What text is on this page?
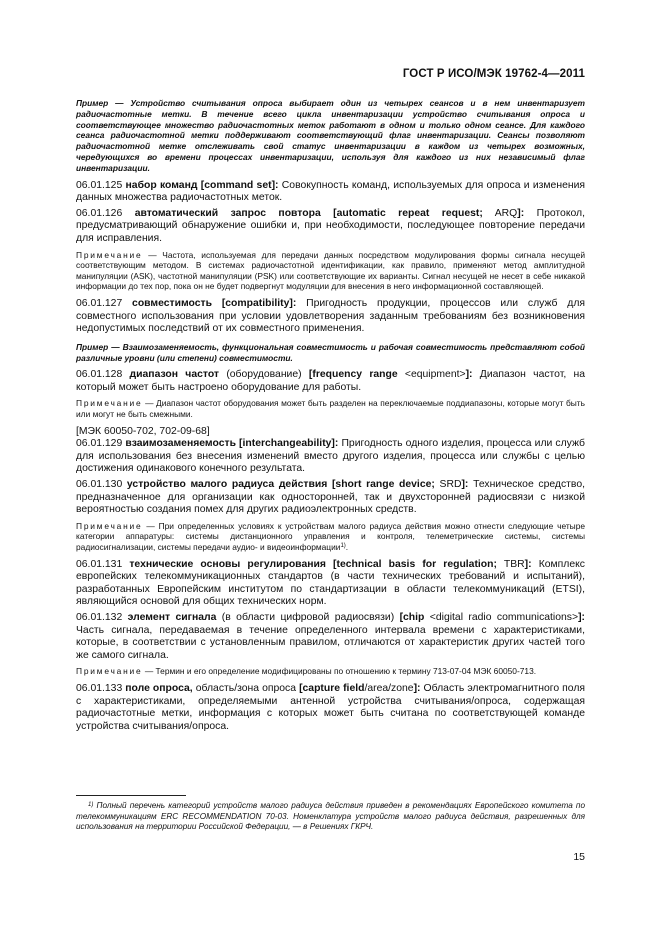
ГОСТ Р ИСО/МЭК 19762-4—2011

Пример — Устройство считывания опроса выбирает один из четырех сеансов и в нем инвентаризует радиочастотные метки. В течение всего цикла инвентаризации устройство считывания опроса и соответствующее множество радиочастотных меток работают в одном и только одном сеансе. Для каждого сеанса радиочастотной метки поддерживают соответствующий флаг инвентаризации. Сеансы позволяют радиочастотной метке отслеживать свой статус инвентаризации в каждом из четырех возможных, чередующихся во времени процессах инвентаризации, используя для каждого из них независимый флаг инвентаризации.

06.01.125 набор команд [command set]: Совокупность команд, используемых для опроса и изменения данных множества радиочастотных меток.

06.01.126 автоматический запрос повтора [automatic repeat request; ARQ]: Протокол, предусматривающий обнаружение ошибки и, при необходимости, последующее повторение передачи для исправления.

Примечание — Частота, используемая для передачи данных посредством модулирования формы сигнала несущей соответствующим методом. В системах радиочастотной идентификации, как правило, применяют метод амплитудной манипуляции (ASK), частотной манипуляции (PSK) или соответствующие их варианты. Сигнал несущей не несет в себе никакой информации до тех пор, пока он не будет подвергнут модуляции для внесения в него информационной составляющей.

06.01.127 совместимость [compatibility]: Пригодность продукции, процессов или служб для совместного использования при условии удовлетворения заданным требованиям без возникновения недопустимых последствий от их совместного применения.

Пример — Взаимозаменяемость, функциональная совместимость и рабочая совместимость представляют собой различные уровни (или степени) совместимости.

06.01.128 диапазон частот (оборудование) [frequency range <equipment>]: Диапазон частот, на который может быть настроено оборудование для работы.

Примечание — Диапазон частот оборудования может быть разделен на переключаемые поддиапазоны, которые могут быть или могут не быть смежными.

[МЭК 60050-702, 702-09-68]

06.01.129 взаимозаменяемость [interchangeability]: Пригодность одного изделия, процесса или служб для использования без внесения изменений вместо другого изделия, процесса или службы с целью достижения одинакового конечного результата.

06.01.130 устройство малого радиуса действия [short range device; SRD]: Техническое средство, предназначенное для организации как односторонней, так и двухсторонней радиосвязи с низкой вероятностью создания помех для других радиоэлектронных средств.

Примечание — При определенных условиях к устройствам малого радиуса действия можно отнести следующие четыре категории аппаратуры: системы дистанционного управления и контроля, телеметрические системы, системы радиосигнализации, системы передачи аудио- и видеоинформации$^{1)}$.

06.01.131 технические основы регулирования [technical basis for regulation; TBR]: Комплекс европейских телекоммуникационных стандартов (в части технических требований и испытаний), разработанных Европейским институтом по стандартизации в области телекоммуникаций (ETSI), являющийся основой для общих технических норм.

06.01.132 элемент сигнала (в области цифровой радиосвязи) [chip <digital radio communications>]: Часть сигнала, передаваемая в течение определенного интервала времени с характеристиками, которые, в соответствии с установленным правилом, отличаются от характеристик других частей того же самого сигнала.

Примечание — Термин и его определение модифицированы по отношению к термину 713-07-04 МЭК 60050-713.

06.01.133 поле опроса, область/зона опроса [capture field/area/zone]: Область электромагнитного поля с характеристиками, определяемыми антенной устройства считывания/опроса, содержащая радиочастотные метки, информация с которых может быть считана по соответствующей команде устройства считывания/опроса.

$^{1)}$ Полный перечень категорий устройств малого радиуса действия приведен в рекомендациях Европейского комитета по телекоммуникациям ERC RECOMMENDATION 70-03. Номенклатура устройств малого радиуса действия, разрешенных для использования на территории Российской Федерации, — в Решениях ГКРЧ.

15
